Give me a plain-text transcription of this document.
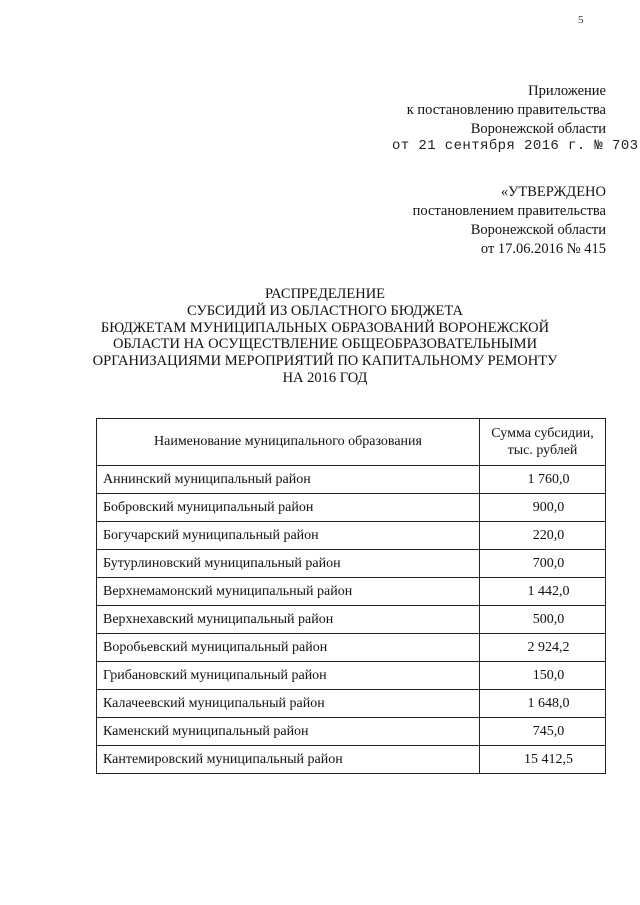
5
Приложение
к постановлению правительства
Воронежской области
от 21 сентября 2016 г. № 703
«УТВЕРЖДЕНО
постановлением правительства
Воронежской области
от 17.06.2016 № 415
РАСПРЕДЕЛЕНИЕ
СУБСИДИЙ ИЗ ОБЛАСТНОГО БЮДЖЕТА
БЮДЖЕТАМ МУНИЦИПАЛЬНЫХ ОБРАЗОВАНИЙ ВОРОНЕЖСКОЙ
ОБЛАСТИ НА ОСУЩЕСТВЛЕНИЕ ОБЩЕОБРАЗОВАТЕЛЬНЫМИ
ОРГАНИЗАЦИЯМИ МЕРОПРИЯТИЙ ПО КАПИТАЛЬНОМУ РЕМОНТУ
НА 2016 ГОД
Наименование муниципального образования	Сумма субсидии,
тыс. рублей

Аннинский муниципальный район	1 760,0
Бобровский муниципальный район	900,0
Богучарский муниципальный район	220,0
Бутурлиновский муниципальный район	700,0
Верхнемамонский муниципальный район	1 442,0
Верхнехавский муниципальный район	500,0
Воробьевский муниципальный район	2 924,2
Грибановский муниципальный район	150,0
Калачеевский муниципальный район	1 648,0
Каменский муниципальный район	745,0
Кантемировский муниципальный район	15 412,5
